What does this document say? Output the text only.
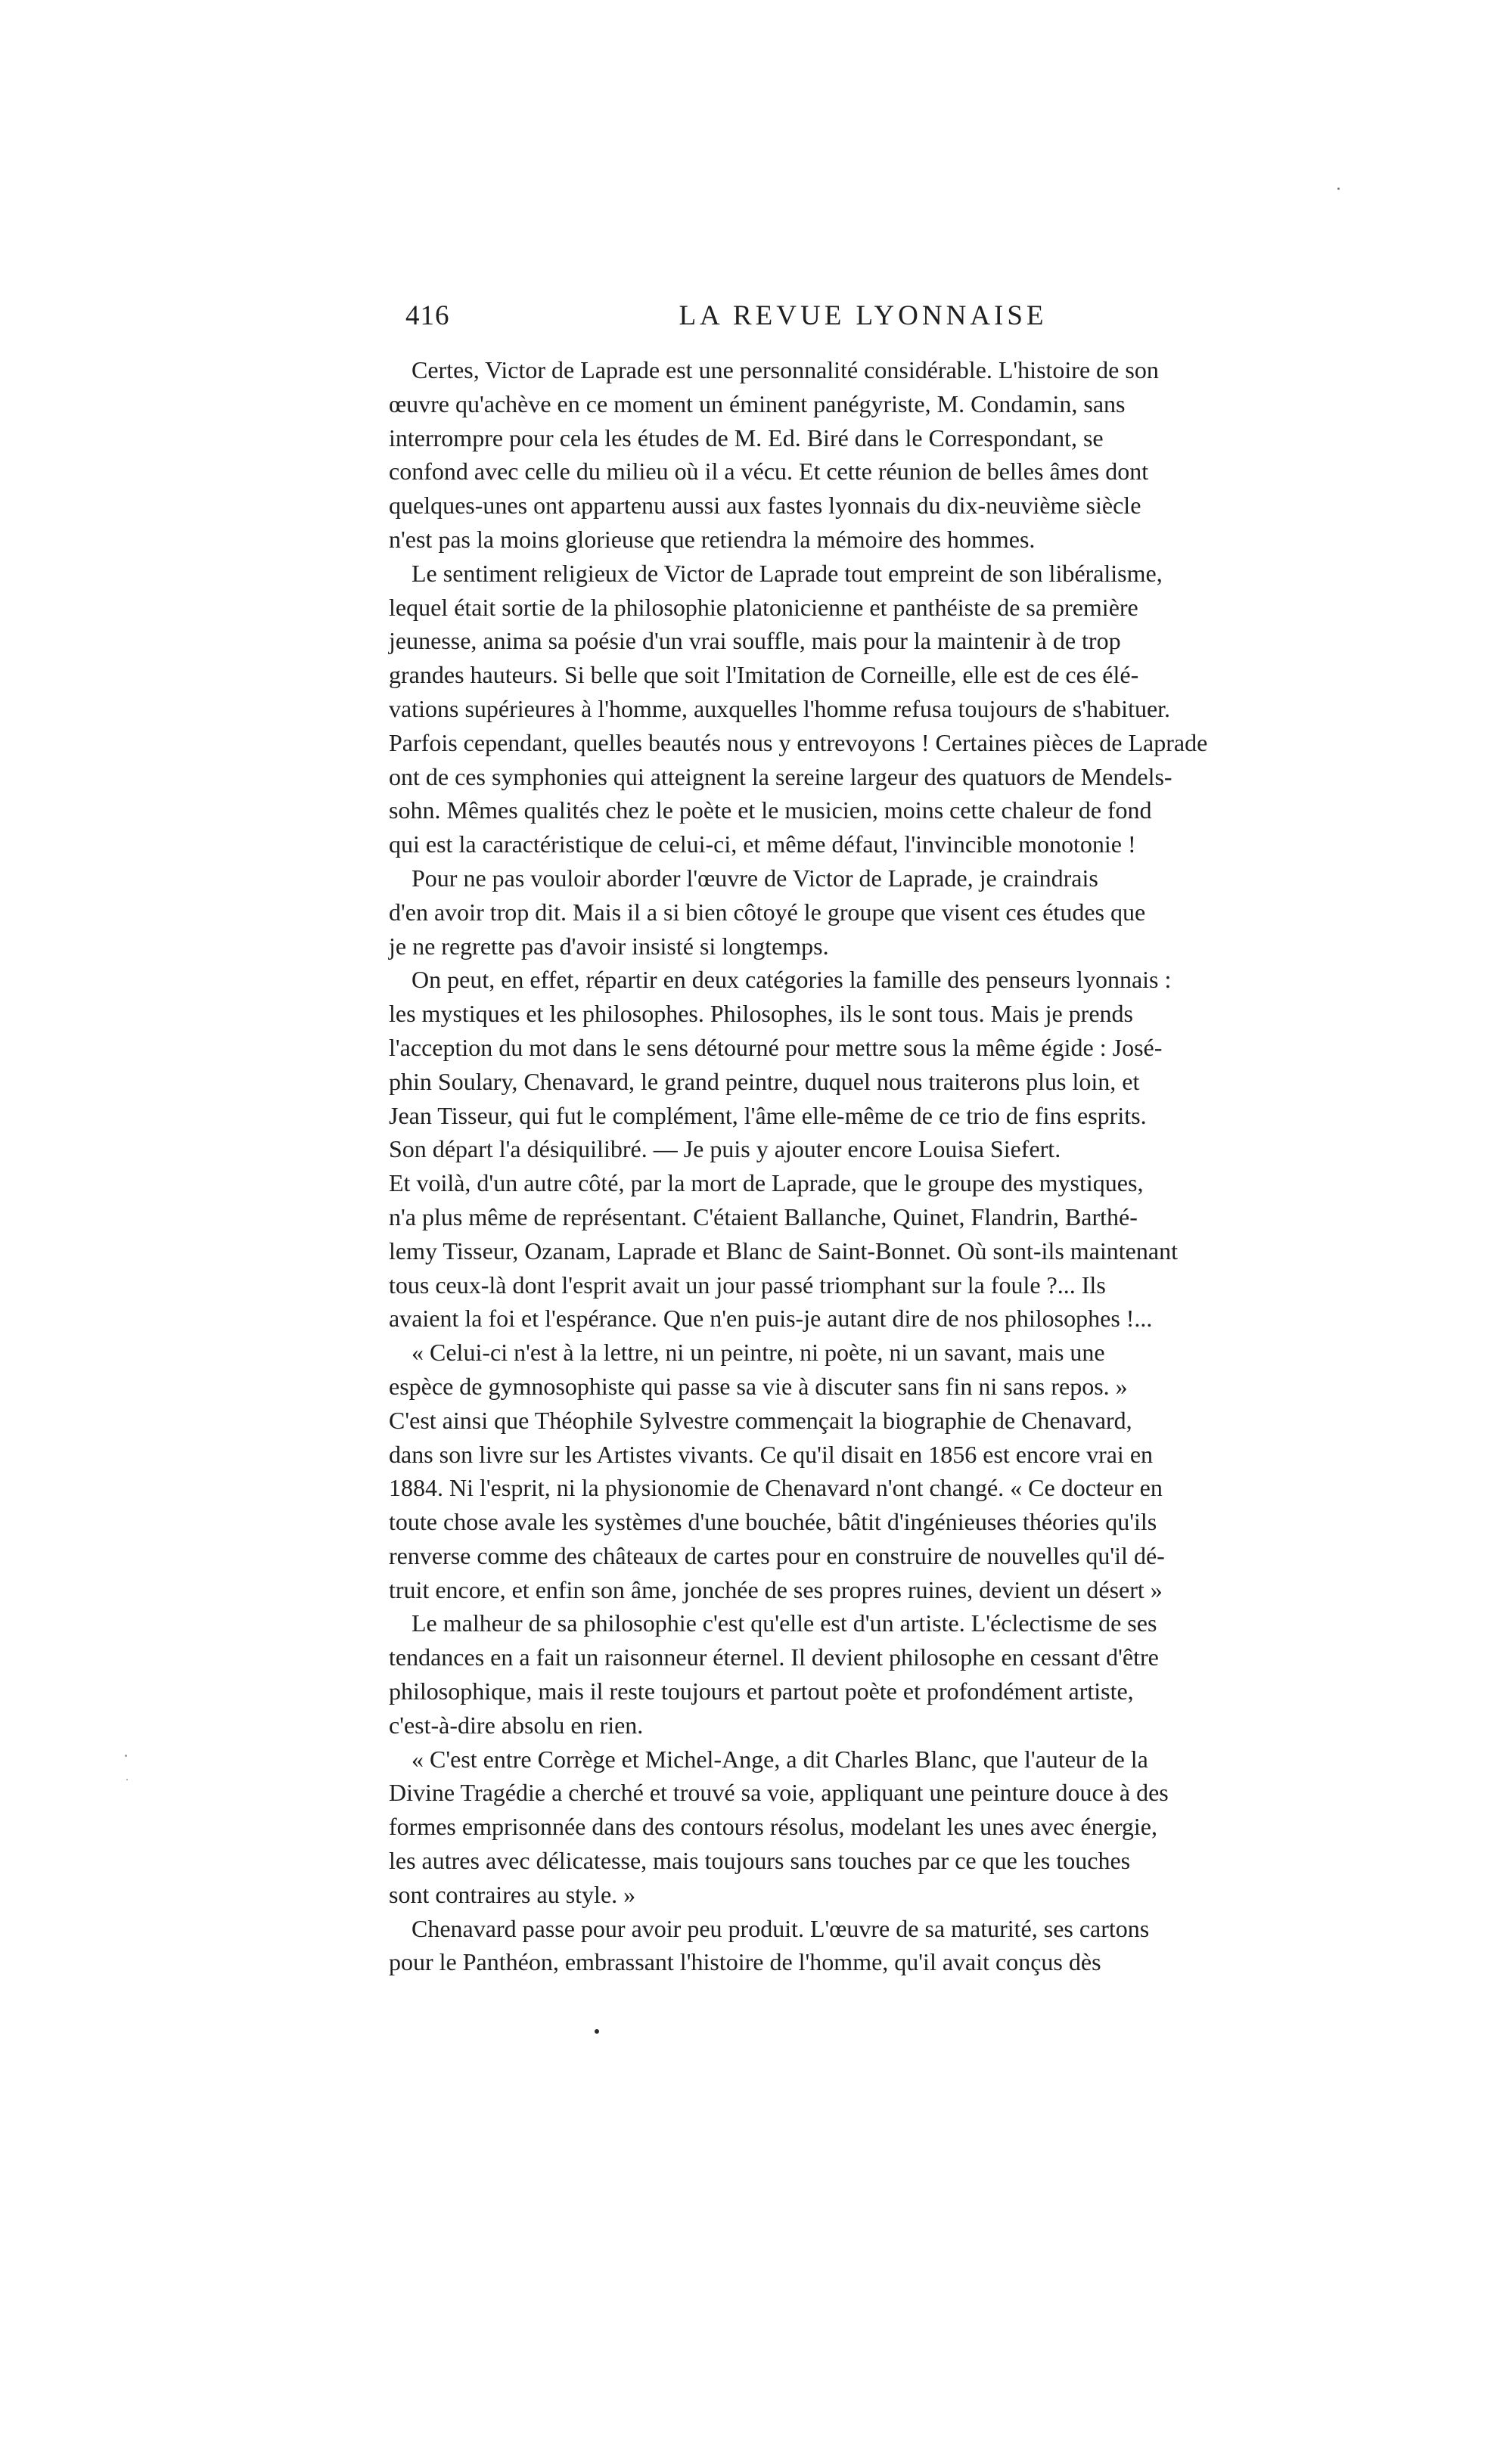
416	LA REVUE LYONNAISE

Certes, Victor de Laprade est une personnalité considérable. L'histoire de son
œuvre qu'achève en ce moment un éminent panégyriste, M. Condamin, sans
interrompre pour cela les études de M. Ed. Biré dans le Correspondant, se
confond avec celle du milieu où il a vécu. Et cette réunion de belles âmes dont
quelques-unes ont appartenu aussi aux fastes lyonnais du dix-neuvième siècle
n'est pas la moins glorieuse que retiendra la mémoire des hommes.

Le sentiment religieux de Victor de Laprade tout empreint de son libéralisme,
lequel était sortie de la philosophie platonicienne et panthéiste de sa première
jeunesse, anima sa poésie d'un vrai souffle, mais pour la maintenir à de trop
grandes hauteurs. Si belle que soit l'Imitation de Corneille, elle est de ces élé-
vations supérieures à l'homme, auxquelles l'homme refusa toujours de s'habituer.
Parfois cependant, quelles beautés nous y entrevoyons ! Certaines pièces de Laprade
ont de ces symphonies qui atteignent la sereine largeur des quatuors de Mendels-
sohn. Mêmes qualités chez le poète et le musicien, moins cette chaleur de fond
qui est la caractéristique de celui-ci, et même défaut, l'invincible monotonie !

Pour ne pas vouloir aborder l'œuvre de Victor de Laprade, je craindrais
d'en avoir trop dit. Mais il a si bien côtoyé le groupe que visent ces études que
je ne regrette pas d'avoir insisté si longtemps.

On peut, en effet, répartir en deux catégories la famille des penseurs lyonnais :
les mystiques et les philosophes. Philosophes, ils le sont tous. Mais je prends
l'acception du mot dans le sens détourné pour mettre sous la même égide : José-
phin Soulary, Chenavard, le grand peintre, duquel nous traiterons plus loin, et
Jean Tisseur, qui fut le complément, l'âme elle-même de ce trio de fins esprits.
Son départ l'a désiquilibré. — Je puis y ajouter encore Louisa Siefert.

Et voilà, d'un autre côté, par la mort de Laprade, que le groupe des mystiques,
n'a plus même de représentant. C'étaient Ballanche, Quinet, Flandrin, Barthé-
lemy Tisseur, Ozanam, Laprade et Blanc de Saint-Bonnet. Où sont-ils maintenant
tous ceux-là dont l'esprit avait un jour passé triomphant sur la foule ?... Ils
avaient la foi et l'espérance. Que n'en puis-je autant dire de nos philosophes !...

« Celui-ci n'est à la lettre, ni un peintre, ni poète, ni un savant, mais une
espèce de gymnosophiste qui passe sa vie à discuter sans fin ni sans repos. »
C'est ainsi que Théophile Sylvestre commençait la biographie de Chenavard,
dans son livre sur les Artistes vivants. Ce qu'il disait en 1856 est encore vrai en
1884. Ni l'esprit, ni la physionomie de Chenavard n'ont changé. « Ce docteur en
toute chose avale les systèmes d'une bouchée, bâtit d'ingénieuses théories qu'ils
renverse comme des châteaux de cartes pour en construire de nouvelles qu'il dé-
truit encore, et enfin son âme, jonchée de ses propres ruines, devient un désert »

Le malheur de sa philosophie c'est qu'elle est d'un artiste. L'éclectisme de ses
tendances en a fait un raisonneur éternel. Il devient philosophe en cessant d'être
philosophique, mais il reste toujours et partout poète et profondément artiste,
c'est-à-dire absolu en rien.

« C'est entre Corrège et Michel-Ange, a dit Charles Blanc, que l'auteur de la
Divine Tragédie a cherché et trouvé sa voie, appliquant une peinture douce à des
formes emprisonnée dans des contours résolus, modelant les unes avec énergie,
les autres avec délicatesse, mais toujours sans touches par ce que les touches
sont contraires au style. »

Chenavard passe pour avoir peu produit. L'œuvre de sa maturité, ses cartons
pour le Panthéon, embrassant l'histoire de l'homme, qu'il avait conçus dès
